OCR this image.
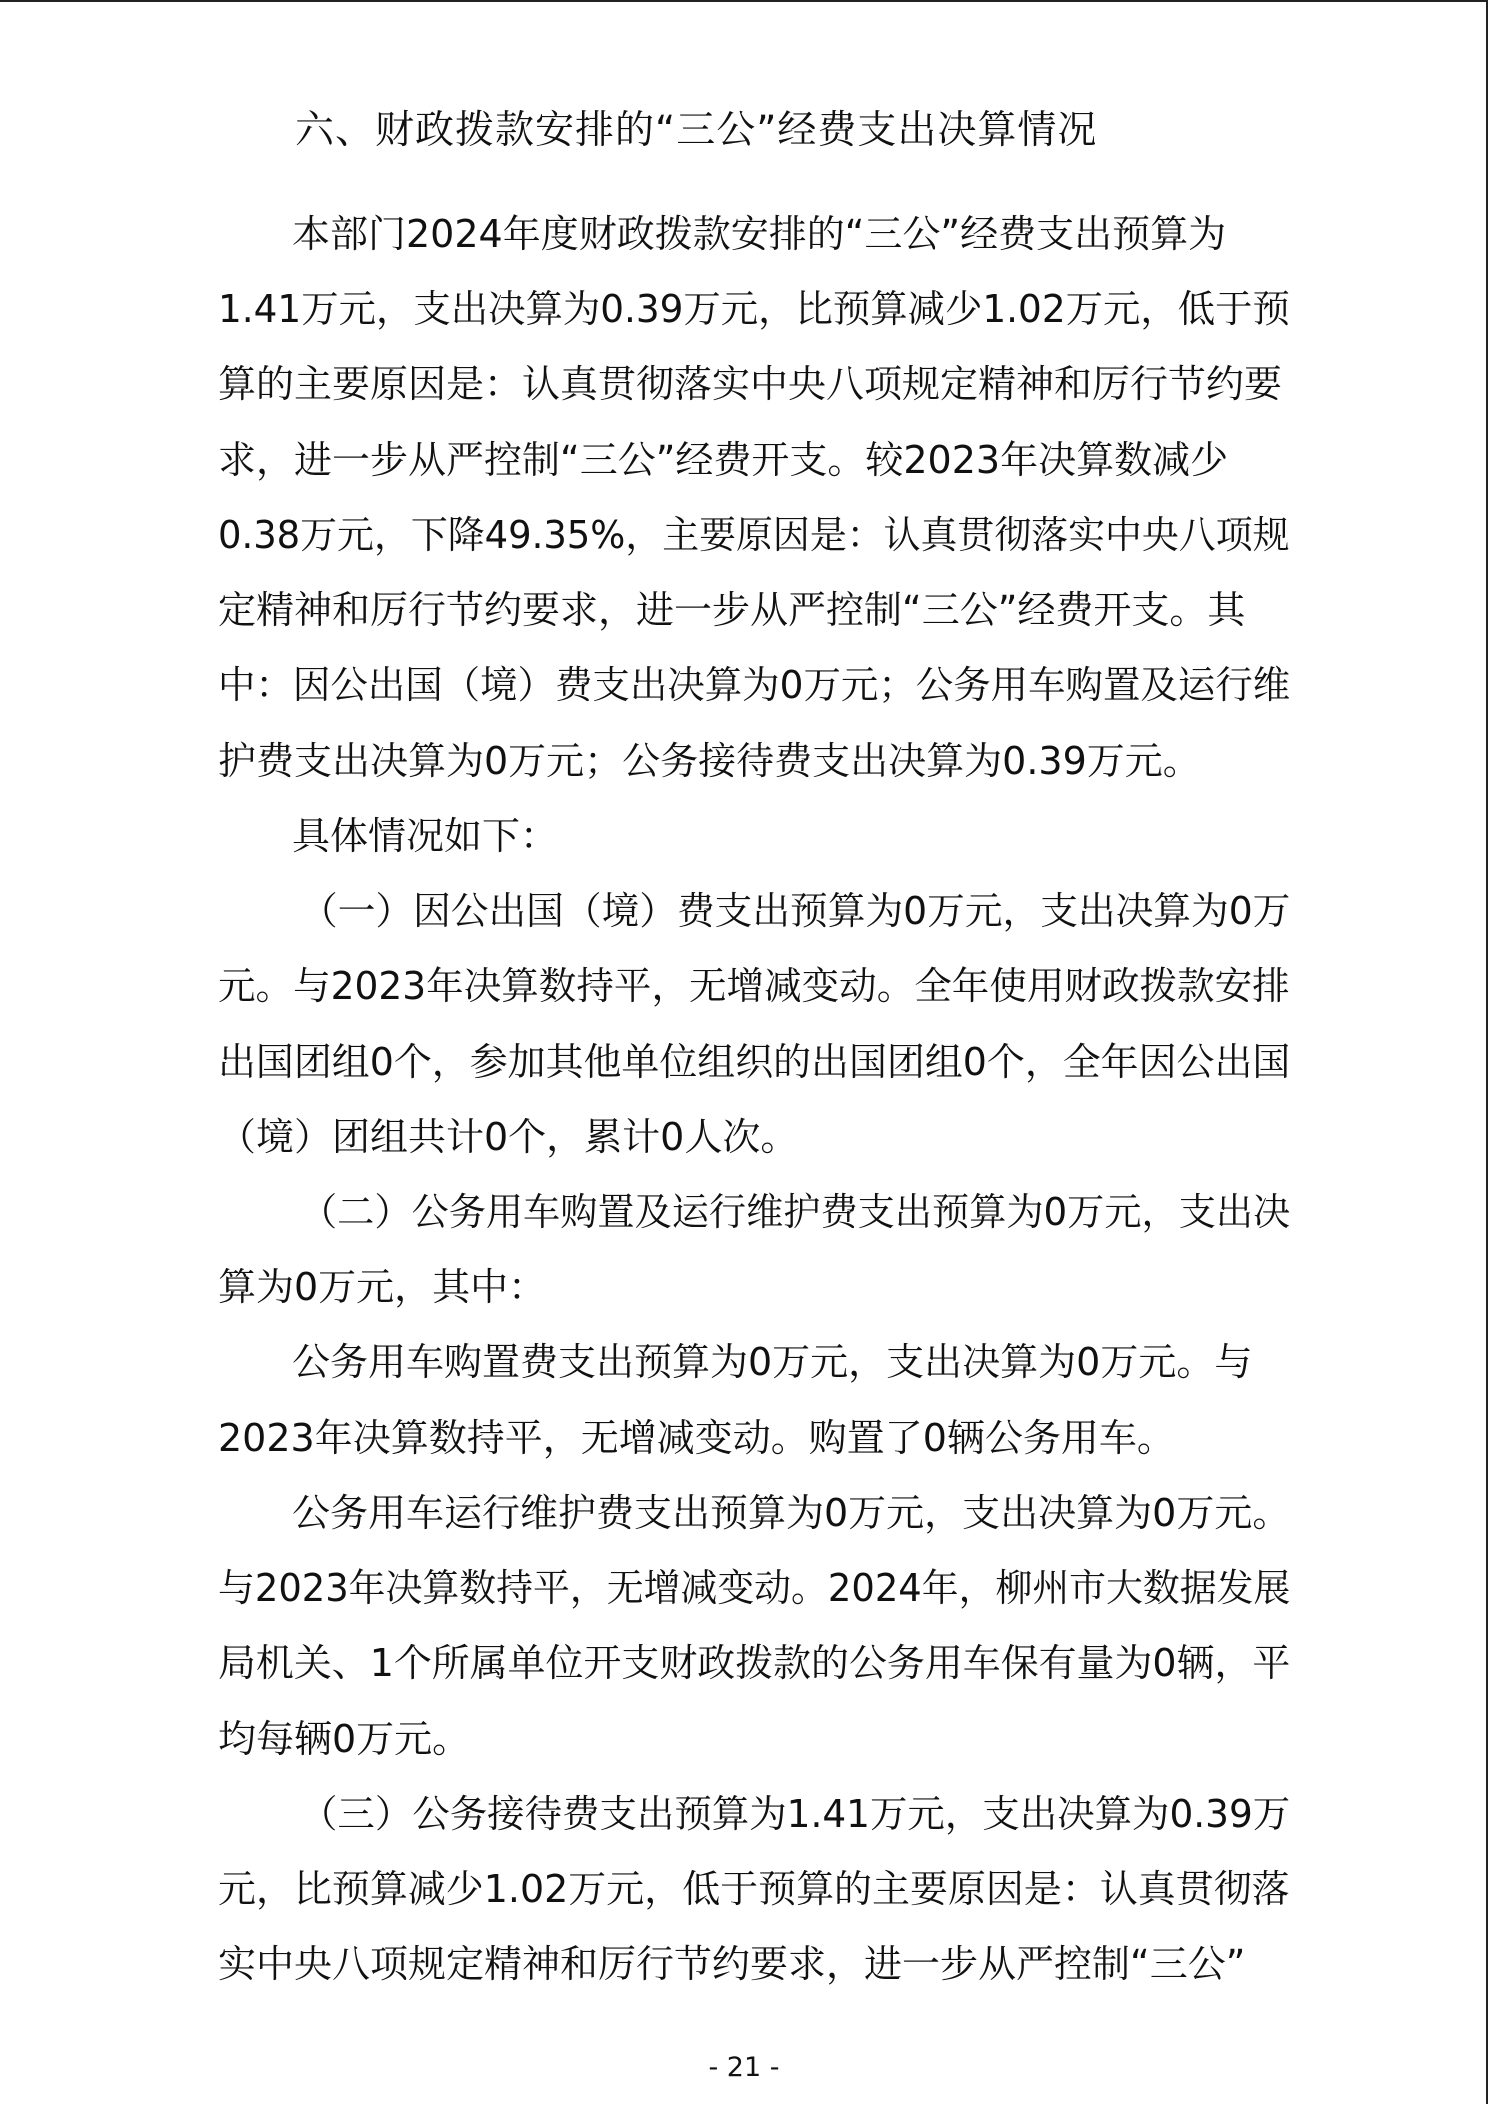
六、财政拨款安排的“三公”经费支出决算情况
本部门2024年度财政拨款安排的“三公”经费支出预算为
1.41万元，支出决算为0.39万元，比预算减少1.02万元，低于预
算的主要原因是：认真贯彻落实中央八项规定精神和厉行节约要
求，进一步从严控制“三公”经费开支。较2023年决算数减少
0.38万元，下降49.35%，主要原因是：认真贯彻落实中央八项规
定精神和厉行节约要求，进一步从严控制“三公”经费开支。其
中：因公出国（境）费支出决算为0万元；公务用车购置及运行维
护费支出决算为0万元；公务接待费支出决算为0.39万元。
具体情况如下：
（一）因公出国（境）费支出预算为0万元，支出决算为0万
元。与2023年决算数持平，无增减变动。全年使用财政拨款安排
出国团组0个，参加其他单位组织的出国团组0个，全年因公出国
（境）团组共计0个，累计0人次。
（二）公务用车购置及运行维护费支出预算为0万元，支出决
算为0万元，其中：
公务用车购置费支出预算为0万元，支出决算为0万元。与
2023年决算数持平，无增减变动。购置了0辆公务用车。
公务用车运行维护费支出预算为0万元，支出决算为0万元。
与2023年决算数持平，无增减变动。2024年，柳州市大数据发展
局机关、1个所属单位开支财政拨款的公务用车保有量为0辆，平
均每辆0万元。
（三）公务接待费支出预算为1.41万元，支出决算为0.39万
元，比预算减少1.02万元，低于预算的主要原因是：认真贯彻落
实中央八项规定精神和厉行节约要求，进一步从严控制“三公”
- 21 -
